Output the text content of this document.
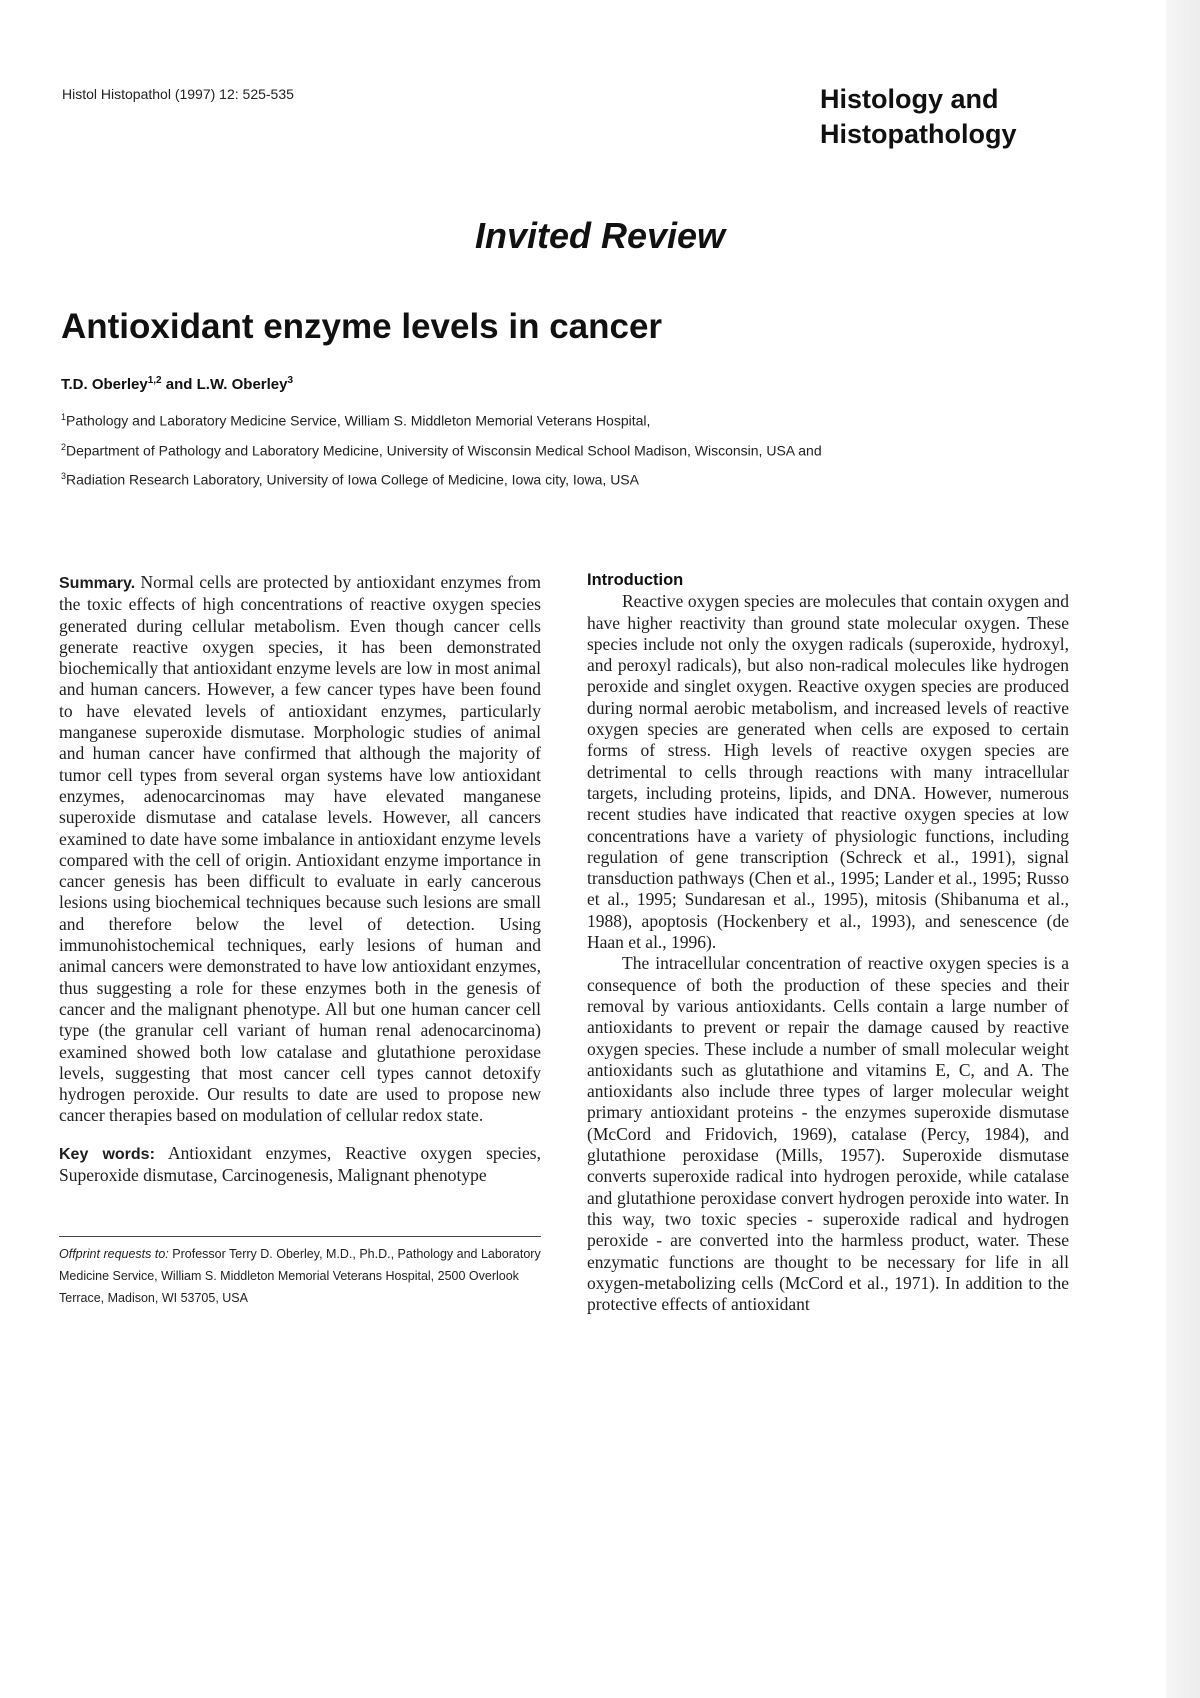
Histol Histopathol (1997) 12: 525-535	Histology and
Histopathology
Invited Review
Antioxidant enzyme levels in cancer
T.D. Oberley$^{1,2}$ and L.W. Oberley$^3$
$^1$Pathology and Laboratory Medicine Service, William S. Middleton Memorial Veterans Hospital,
$^2$Department of Pathology and Laboratory Medicine, University of Wisconsin Medical School Madison, Wisconsin, USA and
$^3$Radiation Research Laboratory, University of Iowa College of Medicine, Iowa city, Iowa, USA

Summary. Normal cells are protected by antioxidant enzymes from the toxic effects of high concentrations of reactive oxygen species generated during cellular metabolism. Even though cancer cells generate reactive oxygen species, it has been demonstrated biochemically that antioxidant enzyme levels are low in most animal and human cancers. However, a few cancer types have been found to have elevated levels of antioxidant enzymes, particularly manganese superoxide dismutase. Morphologic studies of animal and human cancer have confirmed that although the majority of tumor cell types from several organ systems have low antioxidant enzymes, adenocarcinomas may have elevated manganese superoxide dismutase and catalase levels. However, all cancers examined to date have some imbalance in antioxidant enzyme levels compared with the cell of origin. Antioxidant enzyme importance in cancer genesis has been difficult to evaluate in early cancerous lesions using biochemical techniques because such lesions are small and therefore below the level of detection. Using immunohistochemical techniques, early lesions of human and animal cancers were demonstrated to have low antioxidant enzymes, thus suggesting a role for these enzymes both in the genesis of cancer and the malignant phenotype. All but one human cancer cell type (the granular cell variant of human renal adenocarcinoma) examined showed both low catalase and glutathione peroxidase levels, suggesting that most cancer cell types cannot detoxify hydrogen peroxide. Our results to date are used to propose new cancer therapies based on modulation of cellular redox state.

Key words: Antioxidant enzymes, Reactive oxygen species, Superoxide dismutase, Carcinogenesis, Malignant phenotype

Offprint requests to: Professor Terry D. Oberley, M.D., Ph.D., Pathology and Laboratory Medicine Service, William S. Middleton Memorial Veterans Hospital, 2500 Overlook Terrace, Madison, WI 53705, USA

Introduction

Reactive oxygen species are molecules that contain oxygen and have higher reactivity than ground state molecular oxygen. These species include not only the oxygen radicals (superoxide, hydroxyl, and peroxyl radicals), but also non-radical molecules like hydrogen peroxide and singlet oxygen. Reactive oxygen species are produced during normal aerobic metabolism, and increased levels of reactive oxygen species are generated when cells are exposed to certain forms of stress. High levels of reactive oxygen species are detrimental to cells through reactions with many intracellular targets, including proteins, lipids, and DNA. However, numerous recent studies have indicated that reactive oxygen species at low concentrations have a variety of physiologic functions, including regulation of gene transcription (Schreck et al., 1991), signal transduction pathways (Chen et al., 1995; Lander et al., 1995; Russo et al., 1995; Sundaresan et al., 1995), mitosis (Shibanuma et al., 1988), apoptosis (Hockenbery et al., 1993), and senescence (de Haan et al., 1996).

The intracellular concentration of reactive oxygen species is a consequence of both the production of these species and their removal by various antioxidants. Cells contain a large number of antioxidants to prevent or repair the damage caused by reactive oxygen species. These include a number of small molecular weight antioxidants such as glutathione and vitamins E, C, and A. The antioxidants also include three types of larger molecular weight primary antioxidant proteins - the enzymes superoxide dismutase (McCord and Fridovich, 1969), catalase (Percy, 1984), and glutathione peroxidase (Mills, 1957). Superoxide dismutase converts superoxide radical into hydrogen peroxide, while catalase and glutathione peroxidase convert hydrogen peroxide into water. In this way, two toxic species - superoxide radical and hydrogen peroxide - are converted into the harmless product, water. These enzymatic functions are thought to be necessary for life in all oxygen-metabolizing cells (McCord et al., 1971). In addition to the protective effects of antioxidant
